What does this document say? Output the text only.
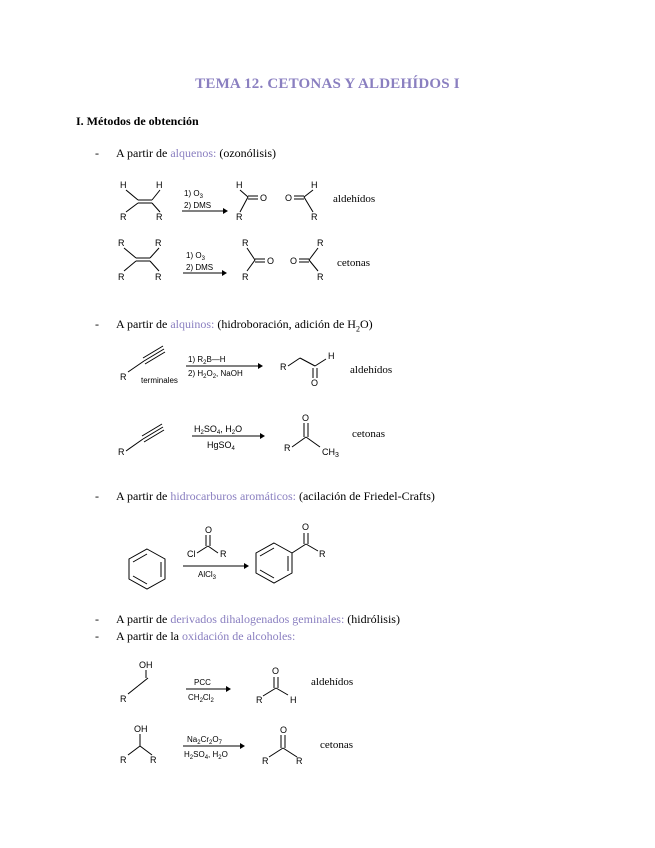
TEMA 12. CETONAS Y ALDEHÍDOS I
I. Métodos de obtención
- A partir de alquenos: (ozonólisis)
- A partir de alquinos: (hidroboración, adición de $H_2O$)
- A partir de hidrocarburos aromáticos: (acilación de Friedel-Crafts)
- A partir de derivados dihalogenados geminales: (hidrólisis)
- A partir de la oxidación de alcoholes:
H	H
R	R
H
R
O O
H
R
R	R
R	R
R
R
O O
R
R
R
R
H
O
R	R
O
$CH_3$
Cl
O
R
O
R
OH
R
O
R	H
OH
R	R
O
R	R
1) $O_3$
2) DMS
1) $O_3$
2) DMS
1) $R_2B—H$
2) $H_2O_2$, NaOH
terminales
$H_2SO_4$, $H_2O$
HgSO$_4$
AlCl$_3$
PCC
$CH_2Cl_2$
$Na_2Cr_2O_7$
$H_2SO_4$, $H_2O$
aldehídos
cetonas
aldehídos
cetonas
aldehídos
cetonas
